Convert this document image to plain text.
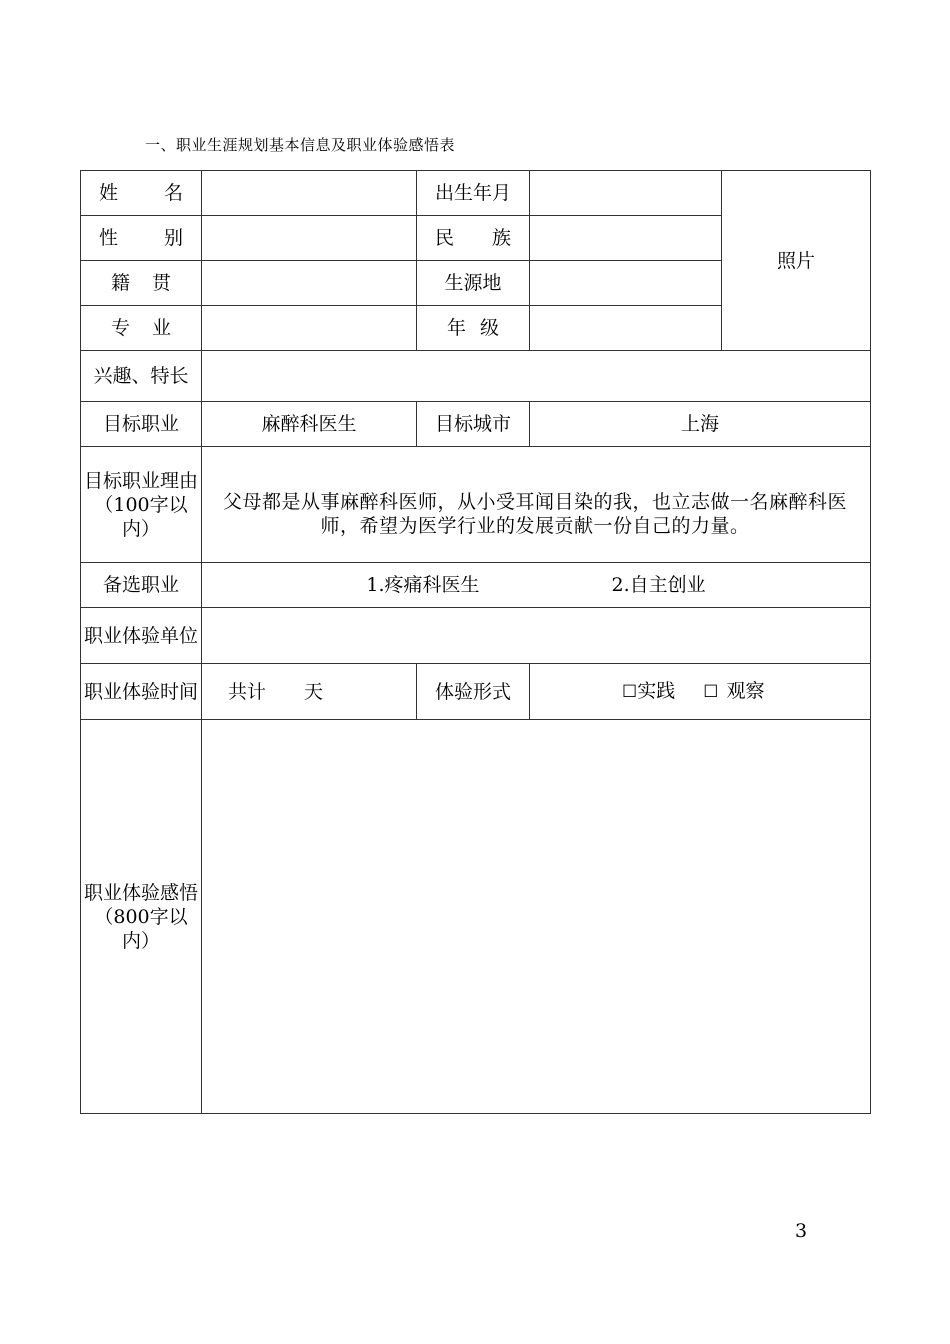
一、职业生涯规划基本信息及职业体验感悟表
姓 名		出生年月		照片
性 别		民 族		
籍 贯		生源地		
专 业		年 级		
兴趣、特长				
目标职业	麻醉科医生	目标城市	上海	
目标职业理由（100字以内）	父母都是从事麻醉科医师，从小受耳闻目染的我，也立志做一名麻醉科医师，希望为医学行业的发展贡献一份自己的力量。			
备选职业	1.疼痛科医生 2.自主创业			
职业体验单位				
职业体验时间	共计 天	体验形式	☐实践 ☐ 观察	
职业体验感悟（800字以内）				
3
